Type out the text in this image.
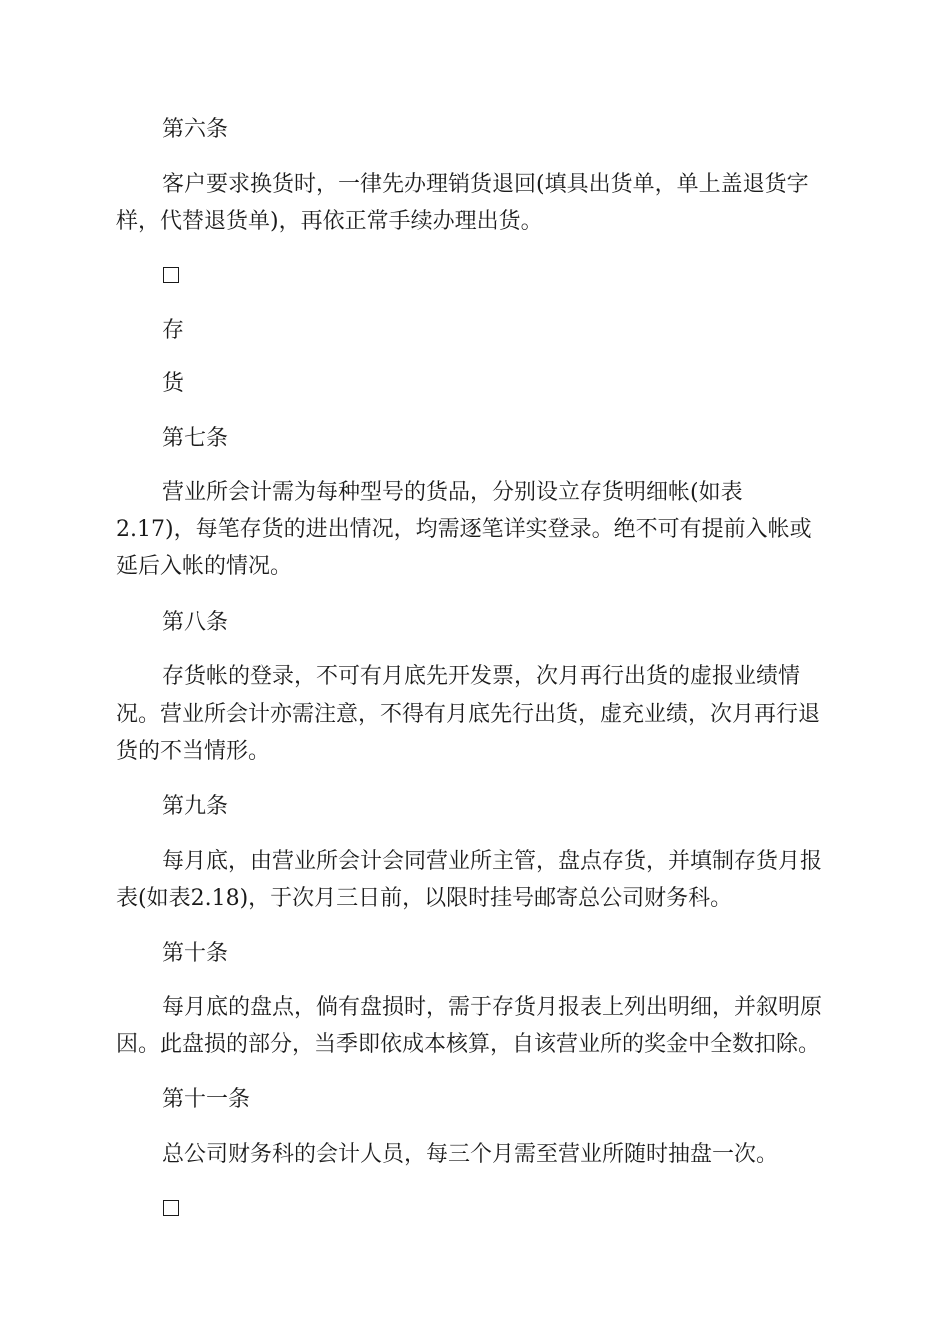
第六条

客户要求换货时，一律先办理销货退回(填具出货单，单上盖退货字

样，代替退货单)，再依正常手续办理出货。

存

货

第七条

营业所会计需为每种型号的货品，分别设立存货明细帐(如表

2.17)，每笔存货的进出情况，均需逐笔详实登录。绝不可有提前入帐或

延后入帐的情况。

第八条

存货帐的登录，不可有月底先开发票，次月再行出货的虚报业绩情

况。营业所会计亦需注意，不得有月底先行出货，虚充业绩，次月再行退

货的不当情形。

第九条

每月底，由营业所会计会同营业所主管，盘点存货，并填制存货月报

表(如表2.18)，于次月三日前，以限时挂号邮寄总公司财务科。

第十条

每月底的盘点，倘有盘损时，需于存货月报表上列出明细，并叙明原

因。此盘损的部分，当季即依成本核算，自该营业所的奖金中全数扣除。

第十一条

总公司财务科的会计人员，每三个月需至营业所随时抽盘一次。
